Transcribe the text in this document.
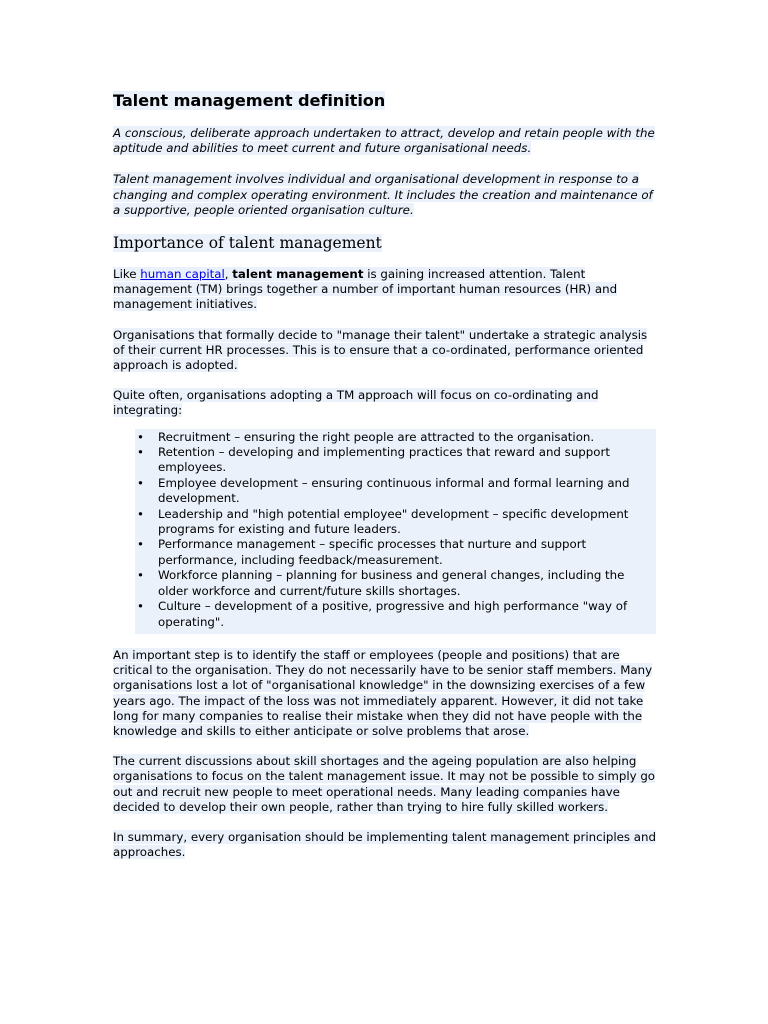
Talent management definition

A conscious, deliberate approach undertaken to attract, develop and retain people with the aptitude and abilities to meet current and future organisational needs.

Talent management involves individual and organisational development in response to a changing and complex operating environment. It includes the creation and maintenance of a supportive, people oriented organisation culture.

Importance of talent management

Like human capital, talent management is gaining increased attention. Talent management (TM) brings together a number of important human resources (HR) and management initiatives.

Organisations that formally decide to "manage their talent" undertake a strategic analysis of their current HR processes. This is to ensure that a co-ordinated, performance oriented approach is adopted.

Quite often, organisations adopting a TM approach will focus on co-ordinating and integrating:

• Recruitment – ensuring the right people are attracted to the organisation.
• Retention – developing and implementing practices that reward and support employees.
• Employee development – ensuring continuous informal and formal learning and development.
• Leadership and "high potential employee" development – specific development programs for existing and future leaders.
• Performance management – specific processes that nurture and support performance, including feedback/measurement.
• Workforce planning – planning for business and general changes, including the older workforce and current/future skills shortages.
• Culture – development of a positive, progressive and high performance "way of operating".

An important step is to identify the staff or employees (people and positions) that are critical to the organisation. They do not necessarily have to be senior staff members. Many organisations lost a lot of "organisational knowledge" in the downsizing exercises of a few years ago. The impact of the loss was not immediately apparent. However, it did not take long for many companies to realise their mistake when they did not have people with the knowledge and skills to either anticipate or solve problems that arose.

The current discussions about skill shortages and the ageing population are also helping organisations to focus on the talent management issue. It may not be possible to simply go out and recruit new people to meet operational needs. Many leading companies have decided to develop their own people, rather than trying to hire fully skilled workers.

In summary, every organisation should be implementing talent management principles and approaches.
